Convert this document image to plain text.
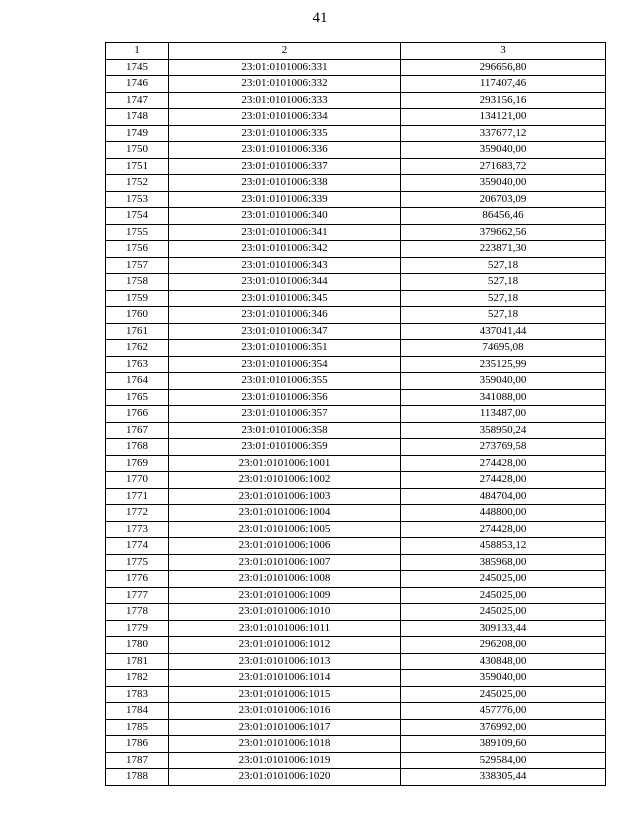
41
1	2	3
1745	23:01:0101006:331	296656,80
1746	23:01:0101006:332	117407,46
1747	23:01:0101006:333	293156,16
1748	23:01:0101006:334	134121,00
1749	23:01:0101006:335	337677,12
1750	23:01:0101006:336	359040,00
1751	23:01:0101006:337	271683,72
1752	23:01:0101006:338	359040,00
1753	23:01:0101006:339	206703,09
1754	23:01:0101006:340	86456,46
1755	23:01:0101006:341	379662,56
1756	23:01:0101006:342	223871,30
1757	23:01:0101006:343	527,18
1758	23:01:0101006:344	527,18
1759	23:01:0101006:345	527,18
1760	23:01:0101006:346	527,18
1761	23:01:0101006:347	437041,44
1762	23:01:0101006:351	74695,08
1763	23:01:0101006:354	235125,99
1764	23:01:0101006:355	359040,00
1765	23:01:0101006:356	341088,00
1766	23:01:0101006:357	113487,00
1767	23:01:0101006:358	358950,24
1768	23:01:0101006:359	273769,58
1769	23:01:0101006:1001	274428,00
1770	23:01:0101006:1002	274428,00
1771	23:01:0101006:1003	484704,00
1772	23:01:0101006:1004	448800,00
1773	23:01:0101006:1005	274428,00
1774	23:01:0101006:1006	458853,12
1775	23:01:0101006:1007	385968,00
1776	23:01:0101006:1008	245025,00
1777	23:01:0101006:1009	245025,00
1778	23:01:0101006:1010	245025,00
1779	23:01:0101006:1011	309133,44
1780	23:01:0101006:1012	296208,00
1781	23:01:0101006:1013	430848,00
1782	23:01:0101006:1014	359040,00
1783	23:01:0101006:1015	245025,00
1784	23:01:0101006:1016	457776,00
1785	23:01:0101006:1017	376992,00
1786	23:01:0101006:1018	389109,60
1787	23:01:0101006:1019	529584,00
1788	23:01:0101006:1020	338305,44
